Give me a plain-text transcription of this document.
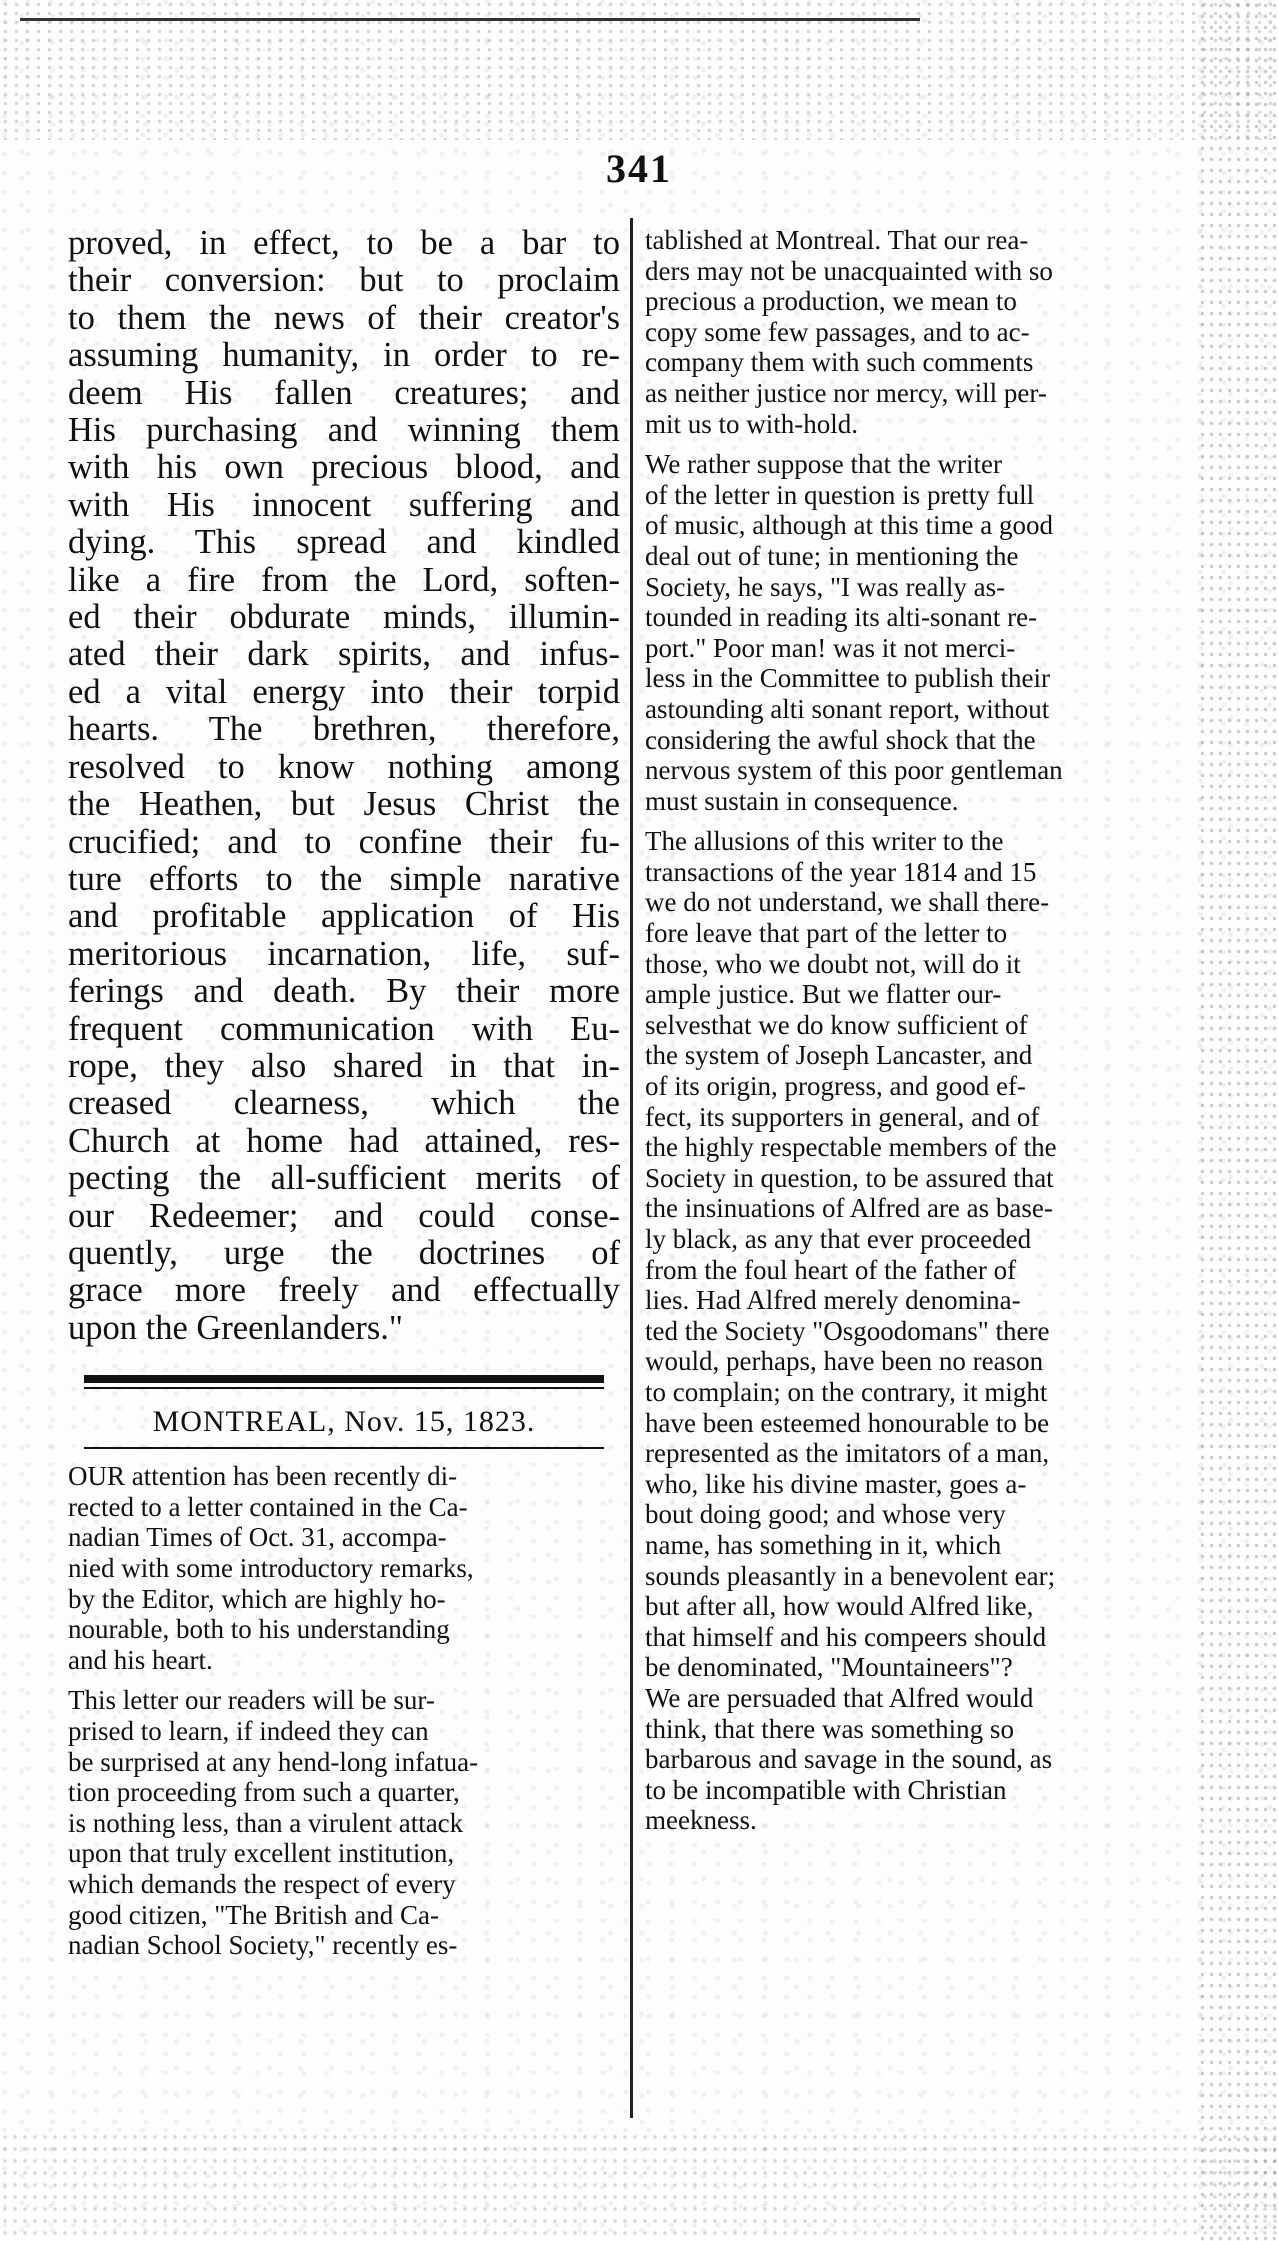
341
proved, in effect, to be a bar to
their conversion: but to proclaim
to them the news of their creator's
assuming humanity, in order to re-
deem His fallen creatures; and
His purchasing and winning them
with his own precious blood, and
with His innocent suffering and
dying. This spread and kindled
like a fire from the Lord, soften-
ed their obdurate minds, illumin-
ated their dark spirits, and infus-
ed a vital energy into their torpid
hearts. The brethren, therefore,
resolved to know nothing among
the Heathen, but Jesus Christ the
crucified; and to confine their fu-
ture efforts to the simple narative
and profitable application of His
meritorious incarnation, life, suf-
ferings and death. By their more
frequent communication with Eu-
rope, they also shared in that in-
creased clearness, which the
Church at home had attained, res-
pecting the all-sufficient merits of
our Redeemer; and could conse-
quently, urge the doctrines of
grace more freely and effectually
upon the Greenlanders."
MONTREAL, Nov. 15, 1823.
OUR attention has been recently di-
rected to a letter contained in the Ca-
nadian Times of Oct. 31, accompa-
nied with some introductory remarks,
by the Editor, which are highly ho-
nourable, both to his understanding
and his heart.
This letter our readers will be sur-
prised to learn, if indeed they can
be surprised at any hend-long infatua-
tion proceeding from such a quarter,
is nothing less, than a virulent attack
upon that truly excellent institution,
which demands the respect of every
good citizen, "The British and Ca-
nadian School Society," recently es-
tablished at Montreal. That our rea-
ders may not be unacquainted with so
precious a production, we mean to
copy some few passages, and to ac-
company them with such comments
as neither justice nor mercy, will per-
mit us to with-hold.
We rather suppose that the writer
of the letter in question is pretty full
of music, although at this time a good
deal out of tune; in mentioning the
Society, he says, "I was really as-
tounded in reading its alti-sonant re-
port." Poor man! was it not merci-
less in the Committee to publish their
astounding alti sonant report, without
considering the awful shock that the
nervous system of this poor gentleman
must sustain in consequence.
The allusions of this writer to the
transactions of the year 1814 and 15
we do not understand, we shall there-
fore leave that part of the letter to
those, who we doubt not, will do it
ample justice. But we flatter our-
selvesthat we do know sufficient of
the system of Joseph Lancaster, and
of its origin, progress, and good ef-
fect, its supporters in general, and of
the highly respectable members of the
Society in question, to be assured that
the insinuations of Alfred are as base-
ly black, as any that ever proceeded
from the foul heart of the father of
lies. Had Alfred merely denomina-
ted the Society "Osgoodomans" there
would, perhaps, have been no reason
to complain; on the contrary, it might
have been esteemed honourable to be
represented as the imitators of a man,
who, like his divine master, goes a-
bout doing good; and whose very
name, has something in it, which
sounds pleasantly in a benevolent ear;
but after all, how would Alfred like,
that himself and his compeers should
be denominated, "Mountaineers"?
We are persuaded that Alfred would
think, that there was something so
barbarous and savage in the sound, as
to be incompatible with Christian
meekness.
